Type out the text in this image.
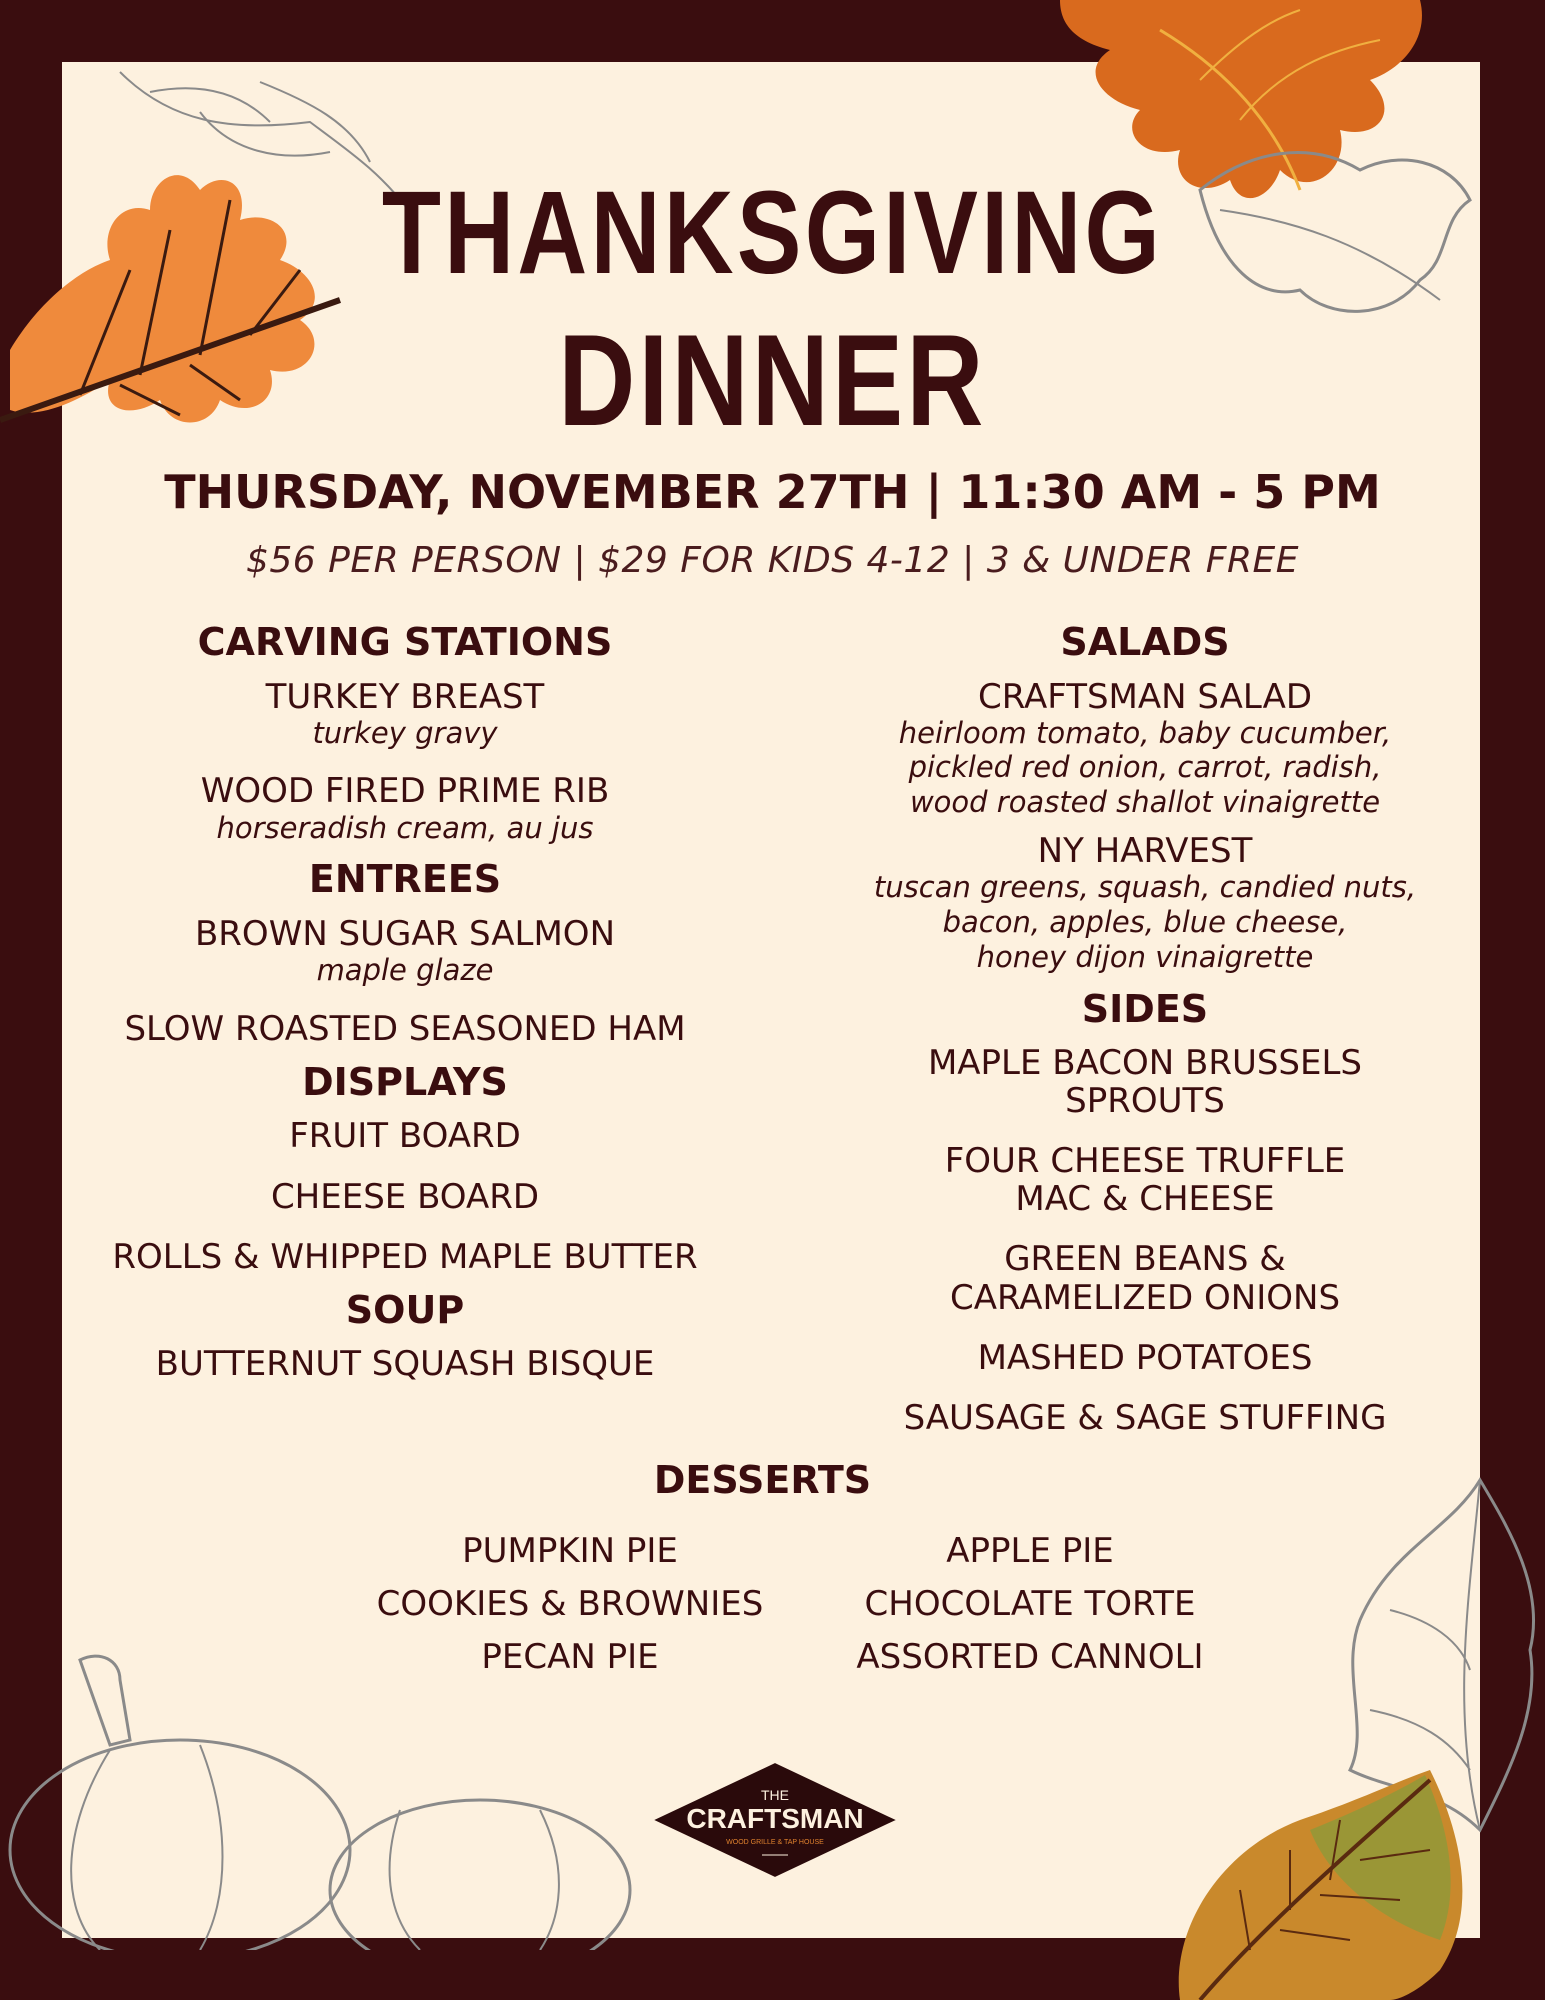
THANKSGIVING
DINNER
THURSDAY, NOVEMBER 27TH | 11:30 AM - 5 PM
$56 PER PERSON | $29 FOR KIDS 4-12 | 3 & UNDER FREE
CARVING STATIONS
TURKEY BREAST
turkey gravy
WOOD FIRED PRIME RIB
horseradish cream, au jus
ENTREES
BROWN SUGAR SALMON
maple glaze
SLOW ROASTED SEASONED HAM
DISPLAYS
FRUIT BOARD
CHEESE BOARD
ROLLS & WHIPPED MAPLE BUTTER
SOUP
BUTTERNUT SQUASH BISQUE
SALADS
CRAFTSMAN SALAD
heirloom tomato, baby cucumber,
pickled red onion, carrot, radish,
wood roasted shallot vinaigrette
NY HARVEST
tuscan greens, squash, candied nuts,
bacon, apples, blue cheese,
honey dijon vinaigrette
SIDES
MAPLE BACON BRUSSELS
SPROUTS
FOUR CHEESE TRUFFLE
MAC & CHEESE
GREEN BEANS &
CARAMELIZED ONIONS
MASHED POTATOES
SAUSAGE & SAGE STUFFING
DESSERTS
PUMPKIN PIE
COOKIES & BROWNIES
PECAN PIE
APPLE PIE
CHOCOLATE TORTE
ASSORTED CANNOLI
THE
CRAFTSMAN
WOOD GRILLE & TAP HOUSE
